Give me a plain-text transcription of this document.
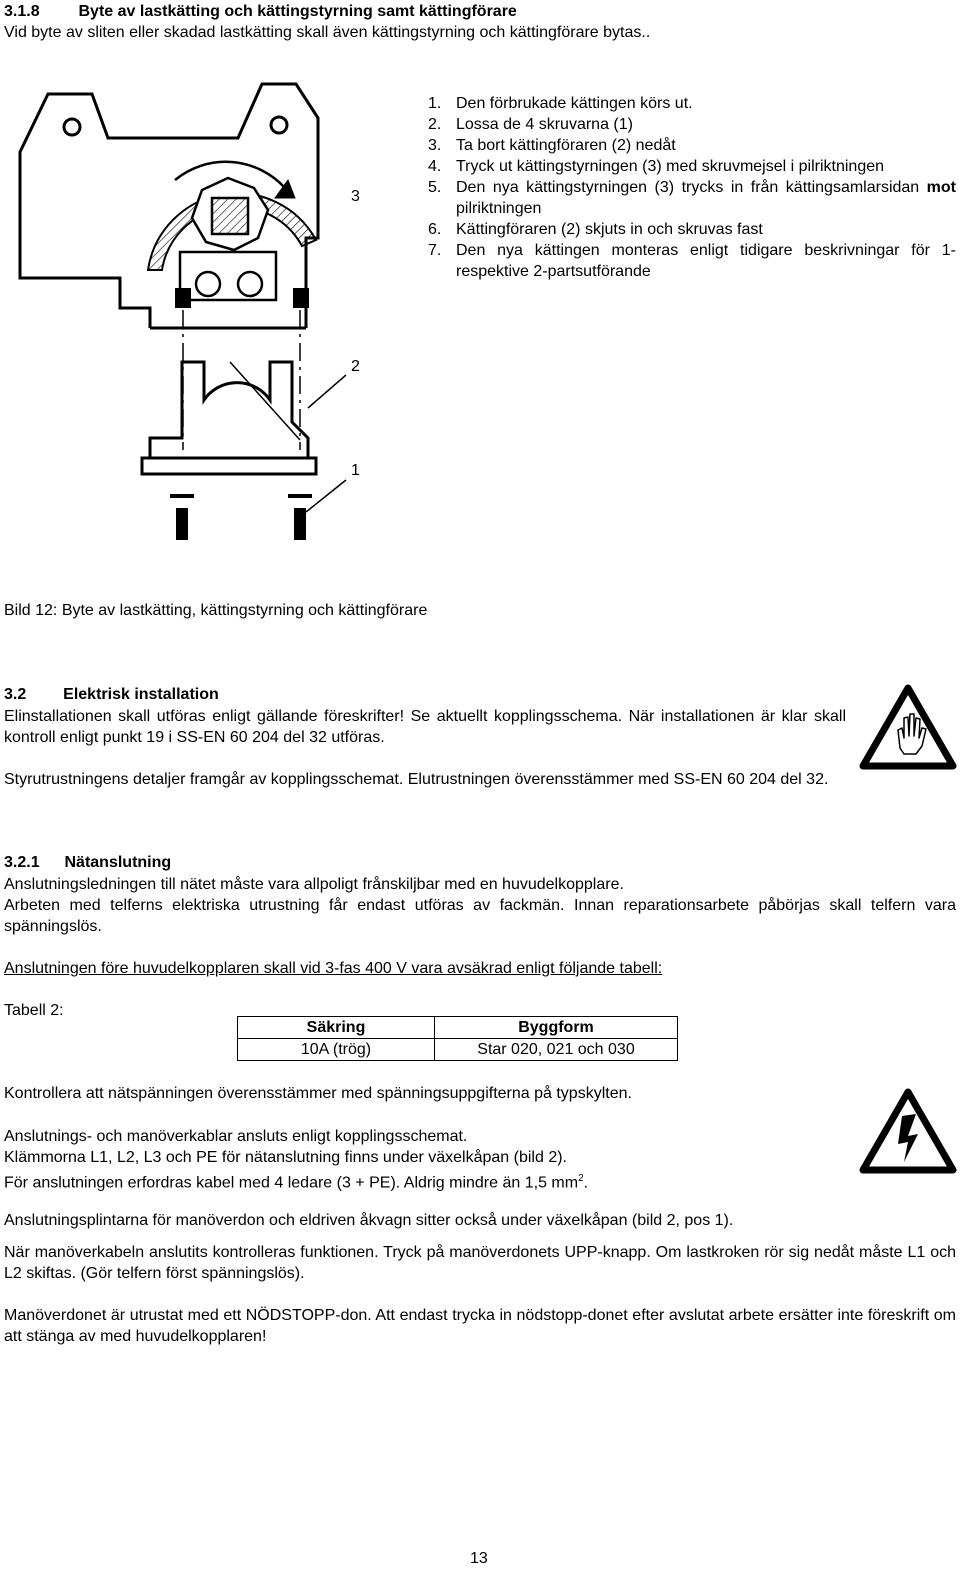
3.1.8 Byte av lastkätting och kättingstyrning samt kättingförare
Vid byte av sliten eller skadad lastkätting skall även kättingstyrning och kättingförare bytas..
3
2
1
1. Den förbrukade kättingen körs ut.
2. Lossa de 4 skruvarna (1)
3. Ta bort kättingföraren (2) nedåt
4. Tryck ut kättingstyrningen (3) med skruvmejsel i pilriktningen
5. Den nya kättingstyrningen (3) trycks in från kättingsamlarsidan mot pilriktningen
6. Kättingföraren (2) skjuts in och skruvas fast
7. Den nya kättingen monteras enligt tidigare beskrivningar för 1- respektive 2-partsutförande
Bild 12: Byte av lastkätting, kättingstyrning och kättingförare
3.2 Elektrisk installation
Elinstallationen skall utföras enligt gällande föreskrifter! Se aktuellt kopplingsschema. När installationen är klar skall kontroll enligt punkt 19 i SS-EN 60 204 del 32 utföras.
Styrutrustningens detaljer framgår av kopplingsschemat. Elutrustningen överensstämmer med SS-EN 60 204 del 32.
3.2.1 Nätanslutning
Anslutningsledningen till nätet måste vara allpoligt frånskiljbar med en huvudelkopplare.
Arbeten med telferns elektriska utrustning får endast utföras av fackmän. Innan reparationsarbete påbörjas skall telfern vara spänningslös.
Anslutningen före huvudelkopplaren skall vid 3-fas 400 V vara avsäkrad enligt följande tabell:
Tabell 2:
Säkring	Byggform
10A (trög)	Star 020, 021 och 030
Kontrollera att nätspänningen överensstämmer med spänningsuppgifterna på typskylten.
Anslutnings- och manöverkablar ansluts enligt kopplingsschemat.
Klämmorna L1, L2, L3 och PE för nätanslutning finns under växelkåpan (bild 2).
För anslutningen erfordras kabel med 4 ledare (3 + PE). Aldrig mindre än 1,5 $mm^2$.
Anslutningsplintarna för manöverdon och eldriven åkvagn sitter också under växelkåpan (bild 2, pos 1).
När manöverkabeln anslutits kontrolleras funktionen. Tryck på manöverdonets UPP-knapp. Om lastkroken rör sig nedåt måste L1 och L2 skiftas. (Gör telfern först spänningslös).
Manöverdonet är utrustat med ett NÖDSTOPP-don. Att endast trycka in nödstopp-donet efter avslutat arbete ersätter inte föreskrift om att stänga av med huvudelkopplaren!
13
